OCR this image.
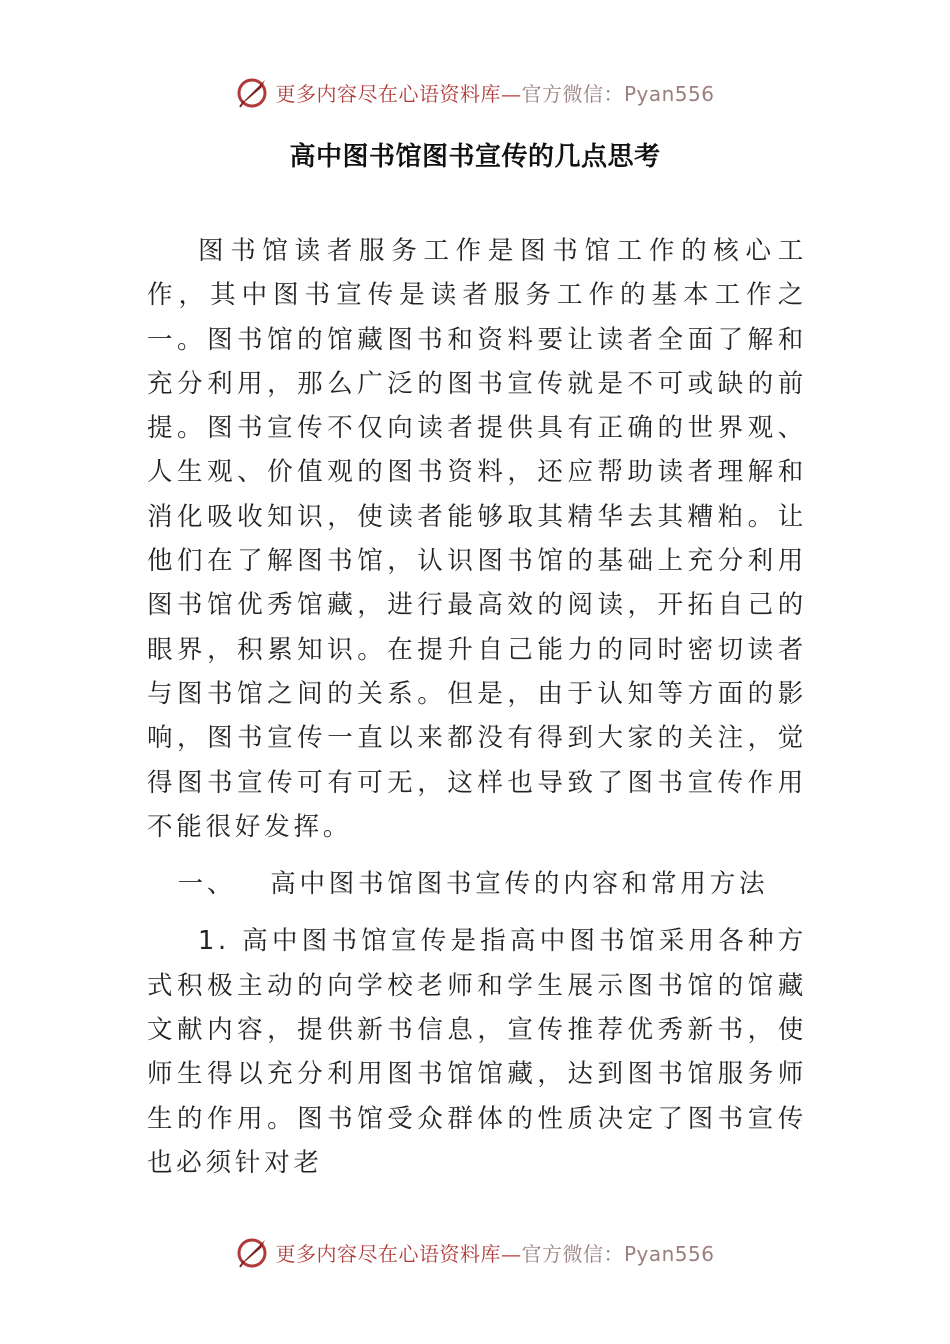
更多内容尽在心语资料库—官方微信：Pyan556
高中图书馆图书宣传的几点思考

图书馆读者服务工作是图书馆工作的核心工作，其中图书宣传是读者服务工作的基本工作之一。图书馆的馆藏图书和资料要让读者全面了解和充分利用，那么广泛的图书宣传就是不可或缺的前提。图书宣传不仅向读者提供具有正确的世界观、人生观、价值观的图书资料，还应帮助读者理解和消化吸收知识，使读者能够取其精华去其糟粕。让他们在了解图书馆，认识图书馆的基础上充分利用图书馆优秀馆藏，进行最高效的阅读，开拓自己的眼界，积累知识。在提升自己能力的同时密切读者与图书馆之间的关系。但是，由于认知等方面的影响，图书宣传一直以来都没有得到大家的关注，觉得图书宣传可有可无，这样也导致了图书宣传作用不能很好发挥。

一、 高中图书馆图书宣传的内容和常用方法

1. 高中图书馆宣传是指高中图书馆采用各种方式积极主动的向学校老师和学生展示图书馆的馆藏文献内容，提供新书信息，宣传推荐优秀新书，使师生得以充分利用图书馆馆藏，达到图书馆服务师生的作用。图书馆受众群体的性质决定了图书宣传也必须针对老

更多内容尽在心语资料库—官方微信：Pyan556
